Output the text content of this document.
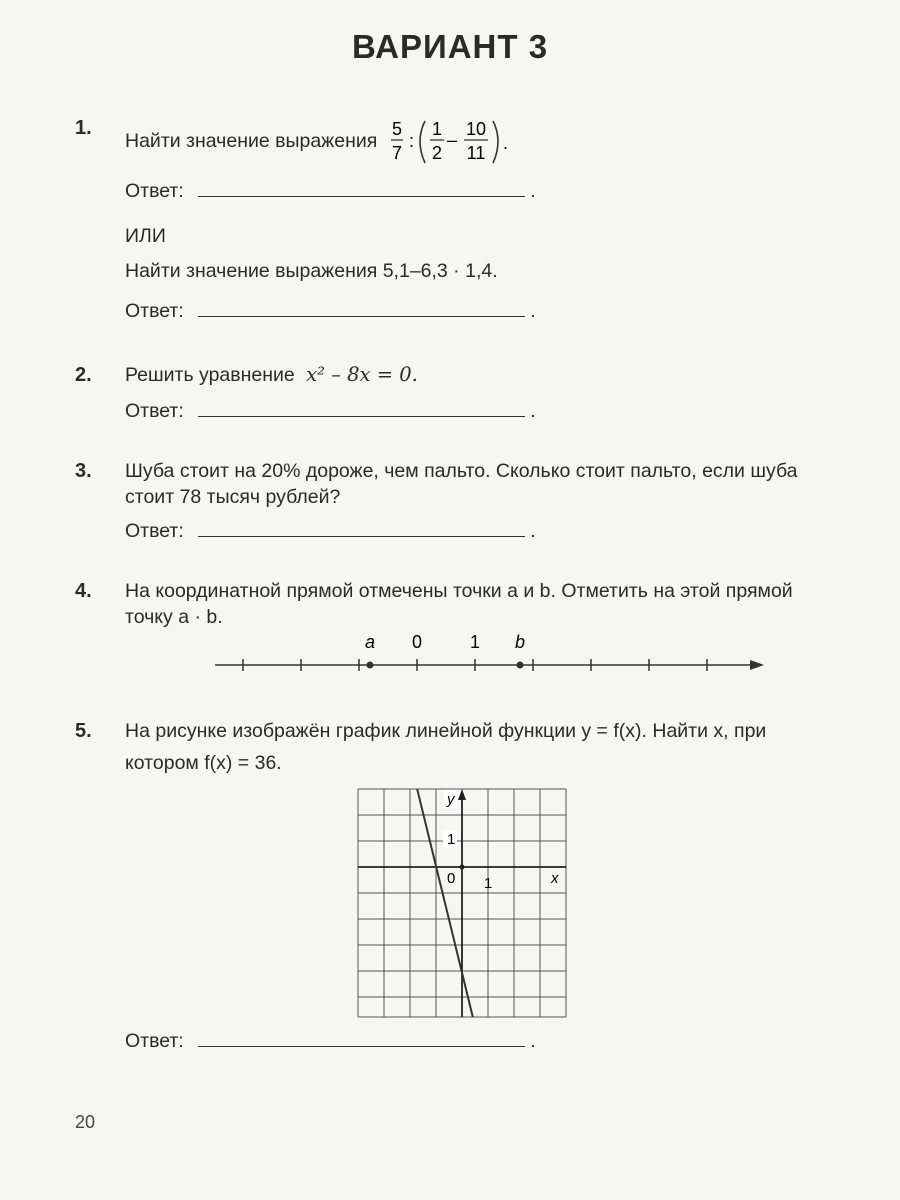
ВАРИАНТ 3
1.
Найти значение выражения
5
7
:
1
2
–
10
11 .
Ответ:	.
ИЛИ
Найти значение выражения 5,1–6,3 · 1,4.
Ответ:	.
2. Решить уравнение x² – 8x = 0.
Ответ:	.
3. Шуба стоит на 20% дороже, чем пальто. Сколько стоит пальто, если шуба
стоит 78 тысяч рублей?
Ответ:	.
4. На координатной прямой отмечены точки a и b. Отметить на этой прямой
точку a · b.
a 0	1 b
5. На рисунке изображён график линейной функции y = f(x). Найти x, при
котором f(x) = 36.
y
1
0 1	x
Ответ:	.
20
